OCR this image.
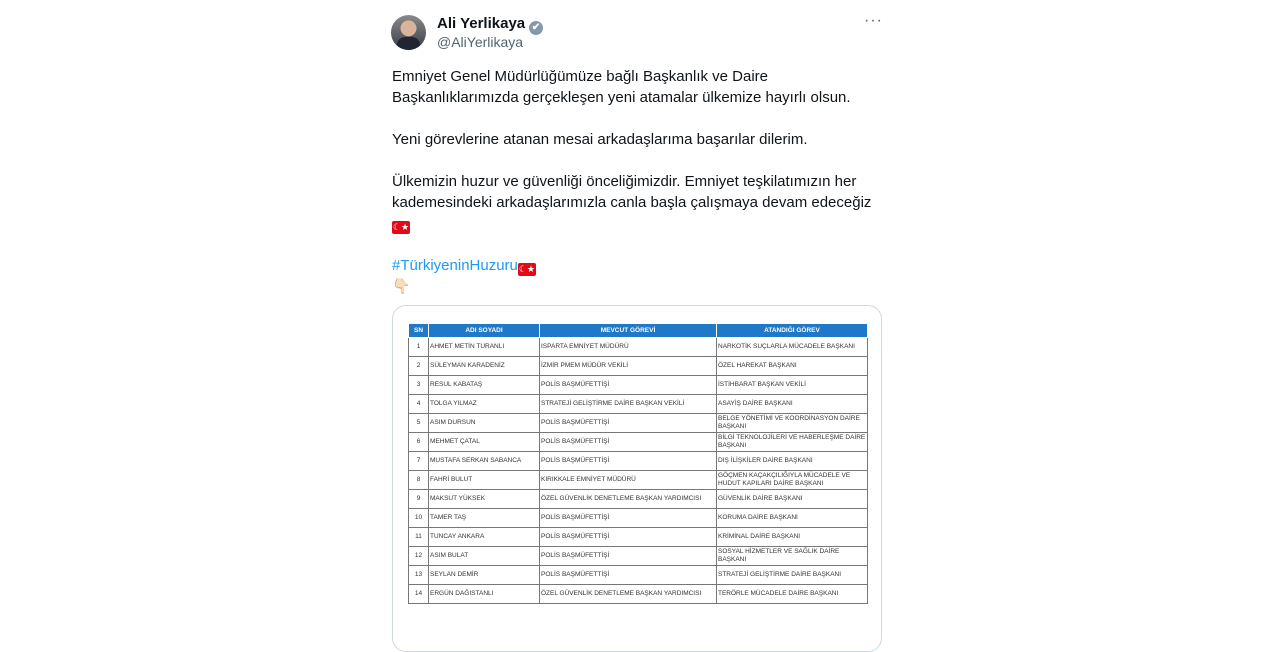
Ali Yerlikaya ✔
@AliYerlikaya
···

Emniyet Genel Müdürlüğümüze bağlı Başkanlık ve Daire Başkanlıklarımızda gerçekleşen yeni atamalar ülkemize hayırlı olsun.

Yeni görevlerine atanan mesai arkadaşlarıma başarılar dilerim.

Ülkemizin huzur ve güvenliği önceliğimizdir. Emniyet teşkilatımızın her kademesindeki arkadaşlarımızla canla başla çalışmaya devam edeceğiz
☾★

#TürkiyeninHuzuru☾★
👇🏻

SN	ADI SOYADI	MEVCUT GÖREVİ	ATANDIĞI GÖREV
1	AHMET METİN TURANLI	ISPARTA EMNİYET MÜDÜRÜ	NARKOTİK SUÇLARLA MÜCADELE BAŞKANI
2	SÜLEYMAN KARADENİZ	İZMİR PMEM MÜDÜR VEKİLİ	ÖZEL HAREKAT BAŞKANI
3	RESUL KABATAŞ	POLİS BAŞMÜFETTİŞİ	İSTİHBARAT BAŞKAN VEKİLİ
4	TOLGA YILMAZ	STRATEJİ GELİŞTİRME DAİRE BAŞKAN VEKİLİ	ASAYİŞ DAİRE BAŞKANI
5	ASIM DURSUN	POLİS BAŞMÜFETTİŞİ	BELGE YÖNETİMİ VE KOORDİNASYON DAİRE BAŞKANI
6	MEHMET ÇATAL	POLİS BAŞMÜFETTİŞİ	BİLGİ TEKNOLOJİLERİ VE HABERLEŞME DAİRE BAŞKANI
7	MUSTAFA SERKAN SABANCA	POLİS BAŞMÜFETTİŞİ	DIŞ İLİŞKİLER DAİRE BAŞKANI
8	FAHRİ BULUT	KIRIKKALE EMNİYET MÜDÜRÜ	GÖÇMEN KAÇAKÇILIĞIYLA MÜCADELE VE HUDUT KAPILARI DAİRE BAŞKANI
9	MAKSUT YÜKSEK	ÖZEL GÜVENLİK DENETLEME BAŞKAN YARDIMCISI	GÜVENLİK DAİRE BAŞKANI
10	TAMER TAŞ	POLİS BAŞMÜFETTİŞİ	KORUMA DAİRE BAŞKANI
11	TUNCAY ANKARA	POLİS BAŞMÜFETTİŞİ	KRİMİNAL DAİRE BAŞKANI
12	ASIM BULAT	POLİS BAŞMÜFETTİŞİ	SOSYAL HİZMETLER VE SAĞLIK DAİRE BAŞKANI
13	SEYLAN DEMİR	POLİS BAŞMÜFETTİŞİ	STRATEJİ GELİŞTİRME DAİRE BAŞKANI
14	ERGÜN DAĞISTANLI	ÖZEL GÜVENLİK DENETLEME BAŞKAN YARDIMCISI	TERÖRLE MÜCADELE DAİRE BAŞKANI
